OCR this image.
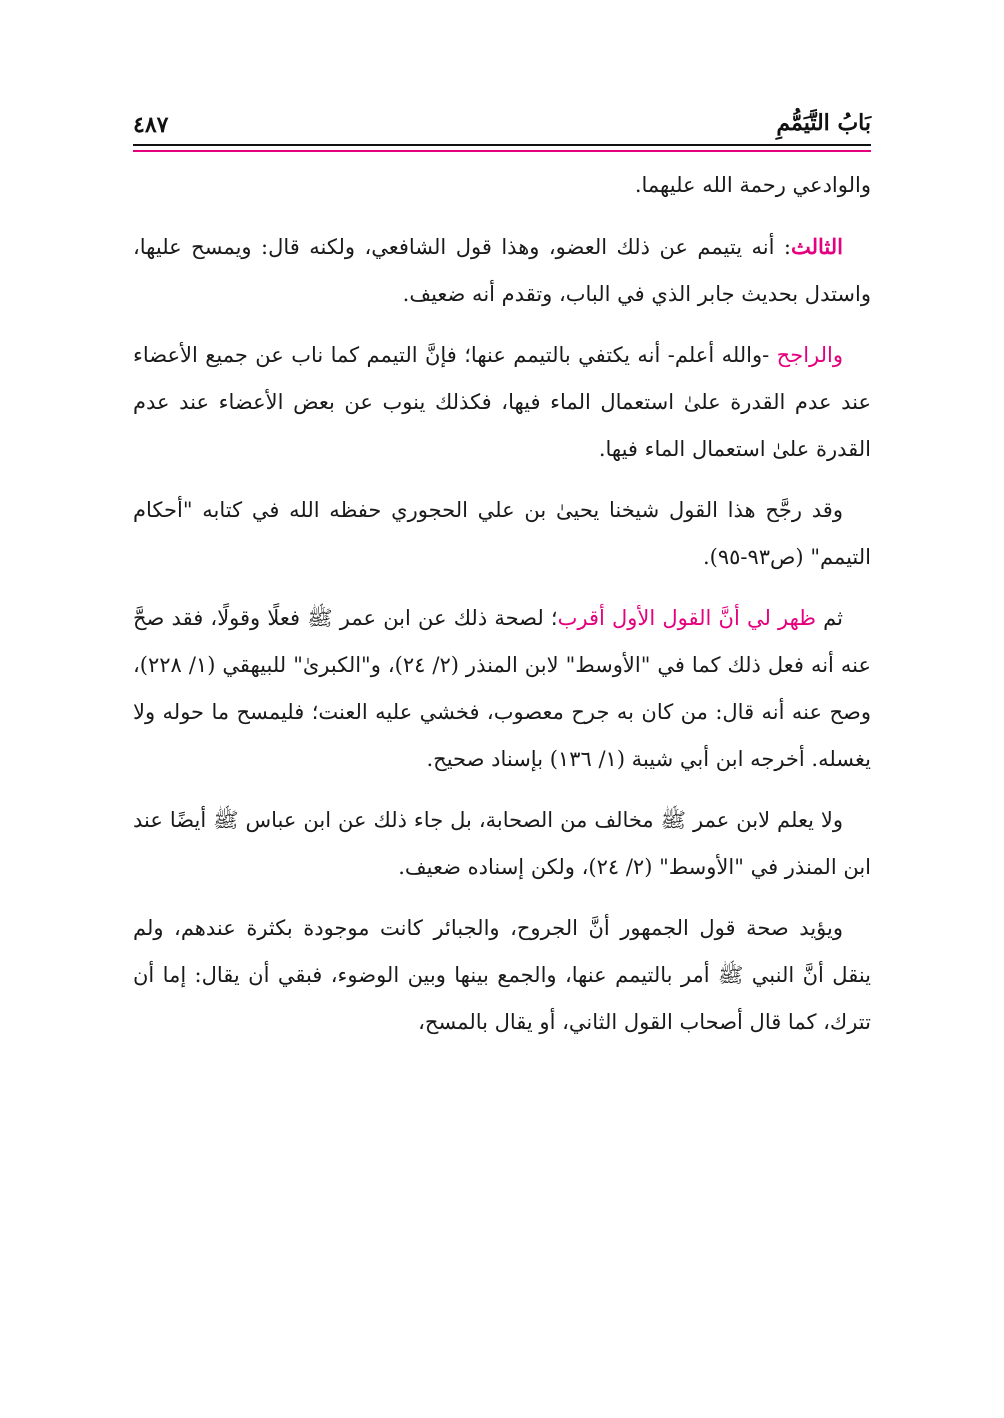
بَابُ التَّيَمُّمِ
٤٨٧

والوادعي رحمة الله عليهما.

الثالث: أنه يتيمم عن ذلك العضو، وهذا قول الشافعي، ولكنه قال: ويمسح عليها، واستدل بحديث جابر الذي في الباب، وتقدم أنه ضعيف.

والراجح -والله أعلم- أنه يكتفي بالتيمم عنها؛ فإنَّ التيمم كما ناب عن جميع الأعضاء عند عدم القدرة علىٰ استعمال الماء فيها، فكذلك ينوب عن بعض الأعضاء عند عدم القدرة علىٰ استعمال الماء فيها.

وقد رجَّح هذا القول شيخنا يحيىٰ بن علي الحجوري حفظه الله في كتابه "أحكام التيمم" (ص٩٣-٩٥).

ثم ظهر لي أنَّ القول الأول أقرب؛ لصحة ذلك عن ابن عمر ﷺ فعلًا وقولًا، فقد صحَّ عنه أنه فعل ذلك كما في "الأوسط" لابن المنذر (٢/ ٢٤)، و"الكبرىٰ" للبيهقي (١/ ٢٢٨)، وصح عنه أنه قال: من كان به جرح معصوب، فخشي عليه العنت؛ فليمسح ما حوله ولا يغسله. أخرجه ابن أبي شيبة (١/ ١٣٦) بإسناد صحيح.

ولا يعلم لابن عمر ﷺ مخالف من الصحابة، بل جاء ذلك عن ابن عباس ﷺ أيضًا عند ابن المنذر في "الأوسط" (٢/ ٢٤)، ولكن إسناده ضعيف.

ويؤيد صحة قول الجمهور أنَّ الجروح، والجبائر كانت موجودة بكثرة عندهم، ولم ينقل أنَّ النبي ﷺ أمر بالتيمم عنها، والجمع بينها وبين الوضوء، فبقي أن يقال: إما أن تترك، كما قال أصحاب القول الثاني، أو يقال بالمسح،
